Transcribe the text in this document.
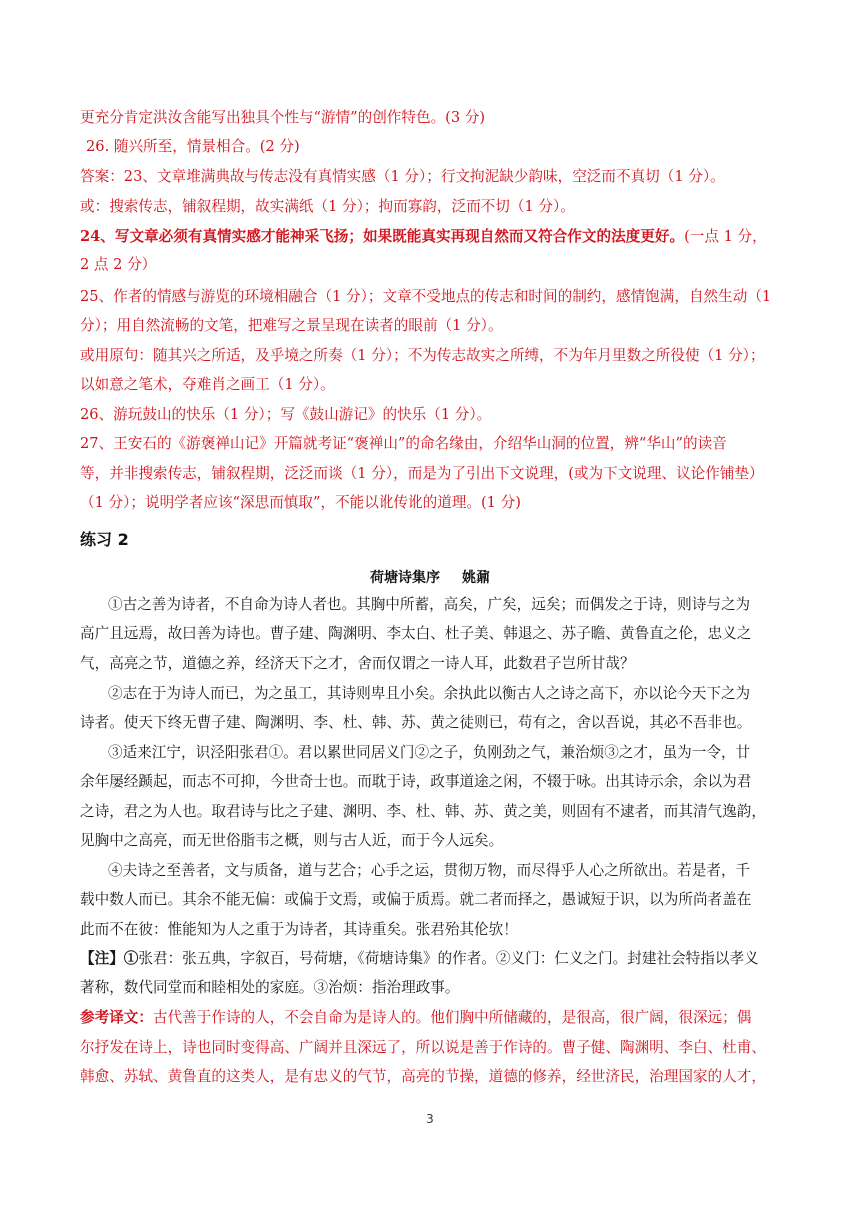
更充分肯定洪汝含能写出独具个性与“游情”的创作特色。(3 分)
26. 随兴所至，情景相合。(2 分)
答案：23、文章堆满典故与传志没有真情实感（1 分）；行文拘泥缺少韵味，空泛而不真切（1 分）。
或：搜索传志，铺叙程期，故实满纸（1 分）；拘而寡韵，泛而不切（1 分）。
24、写文章必须有真情实感才能神采飞扬；如果既能真实再现自然而又符合作文的法度更好。(一点 1 分，
2 点 2 分）
25、作者的情感与游览的环境相融合（1 分）；文章不受地点的传志和时间的制约，感情饱满，自然生动（1
分）；用自然流畅的文笔，把难写之景呈现在读者的眼前（1 分）。
或用原句：随其兴之所适，及乎境之所奏（1 分）；不为传志故实之所缚，不为年月里数之所役使（1 分）；
以如意之笔术，夺难肖之画工（1 分）。
26、游玩鼓山的快乐（1 分）；写《鼓山游记》的快乐（1 分）。
27、王安石的《游褒禅山记》开篇就考证“褒禅山”的命名缘由，介绍华山洞的位置，辨“华山”的读音
等，并非搜索传志，铺叙程期，泛泛而谈（1 分），而是为了引出下文说理，(或为下文说理、议论作铺垫）
（1 分）；说明学者应该“深思而慎取”，不能以讹传讹的道理。(1 分)
①古之善为诗者，不自命为诗人者也。其胸中所蓄，高矣，广矣，远矣；而偶发之于诗，则诗与之为
高广且远焉，故曰善为诗也。曹子建、陶渊明、李太白、杜子美、韩退之、苏子瞻、黄鲁直之伦，忠义之
气，高亮之节，道德之养，经济天下之才，舍而仅谓之一诗人耳，此数君子岂所甘哉？
②志在于为诗人而已，为之虽工，其诗则卑且小矣。余执此以衡古人之诗之高下，亦以论今天下之为
诗者。使天下终无曹子建、陶渊明、李、杜、韩、苏、黄之徒则已，苟有之，舍以吾说，其必不吾非也。
③适来江宁，识泾阳张君①。君以累世同居义门②之子，负刚劲之气，兼治烦③之才，虽为一令，廿
余年屡经踬起，而志不可抑，今世奇士也。而耽于诗，政事道途之闲，不辍于咏。出其诗示余，余以为君
之诗，君之为人也。取君诗与比之子建、渊明、李、杜、韩、苏、黄之美，则固有不逮者，而其清气逸韵，
见胸中之高亮，而无世俗脂韦之概，则与古人近，而于今人远矣。
④夫诗之至善者，文与质备，道与艺合；心手之运，贯彻万物，而尽得乎人心之所欲出。若是者，千
载中数人而已。其余不能无偏：或偏于文焉，或偏于质焉。就二者而择之，愚诚短于识，以为所尚者盖在
此而不在彼：惟能知为人之重于为诗者，其诗重矣。张君殆其伦欤！
【注】①张君：张五典，字叙百，号荷塘，《荷塘诗集》的作者。②义门：仁义之门。封建社会特指以孝义
著称，数代同堂而和睦相处的家庭。③治烦：指治理政事。
参考译文：古代善于作诗的人，不会自命为是诗人的。他们胸中所储藏的，是很高，很广阔，很深远；偶
尔抒发在诗上，诗也同时变得高、广阔并且深远了，所以说是善于作诗的。曹子健、陶渊明、李白、杜甫、
韩愈、苏轼、黄鲁直的这类人，是有忠义的气节，高亮的节操，道德的修养，经世济民，治理国家的人才，
练习 2
荷塘诗集序 姚鼐
3
